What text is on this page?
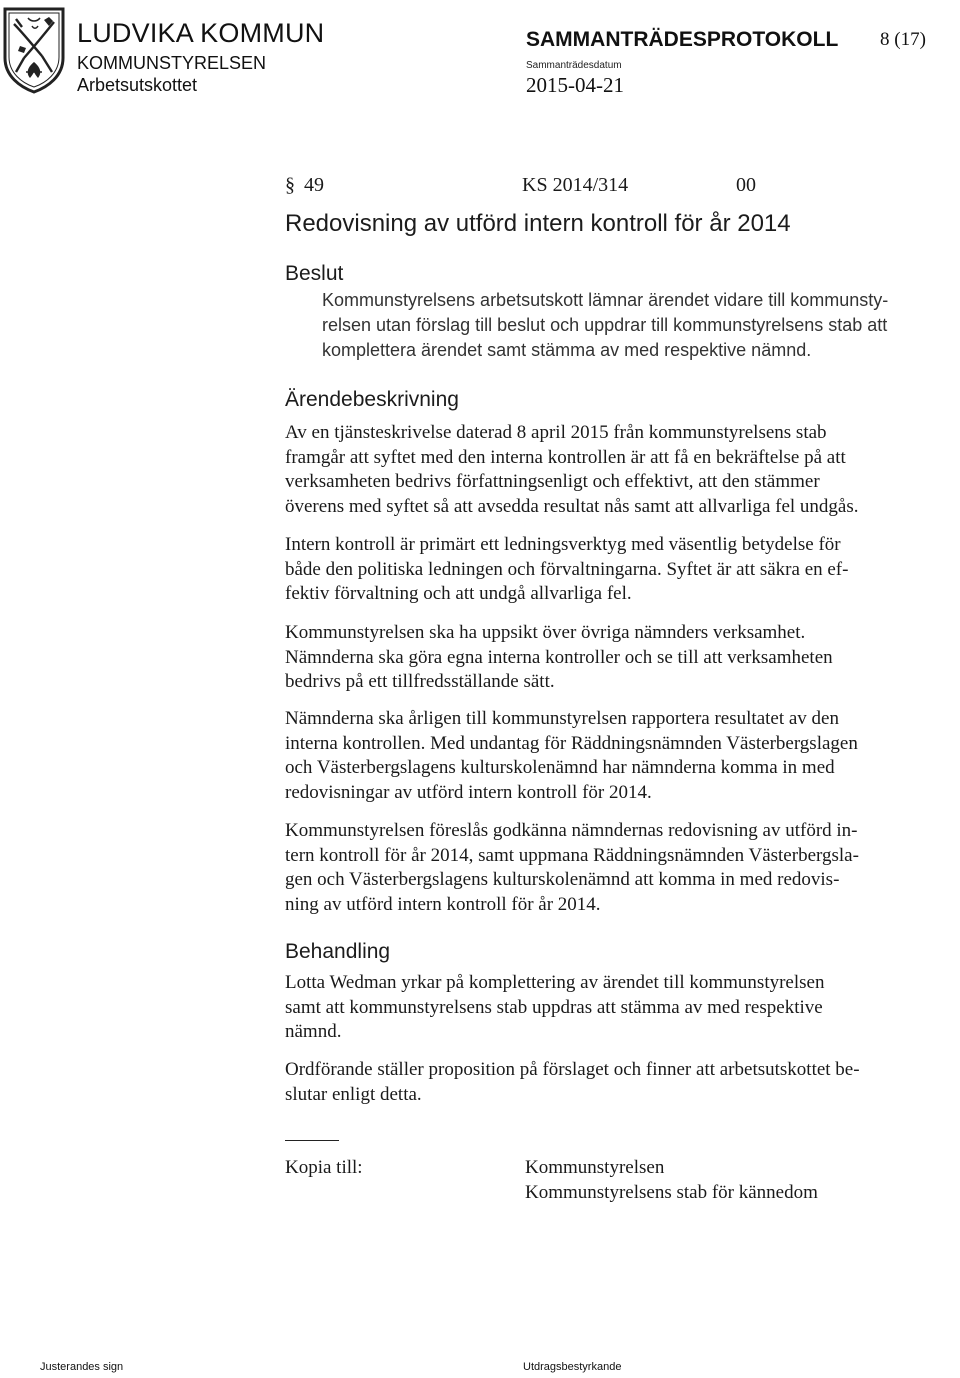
LUDVIKA KOMMUN
KOMMUNSTYRELSEN
Arbetsutskottet
SAMMANTRÄDESPROTOKOLL 8 (17)
Sammanträdesdatum
2015-04-21
§ 49	KS 2014/314	00
Redovisning av utförd intern kontroll för år 2014
Beslut
Kommunstyrelsens arbetsutskott lämnar ärendet vidare till kommunsty-
relsen utan förslag till beslut och uppdrar till kommunstyrelsens stab att
komplettera ärendet samt stämma av med respektive nämnd.
Ärendebeskrivning
Av en tjänsteskrivelse daterad 8 april 2015 från kommunstyrelsens stab
framgår att syftet med den interna kontrollen är att få en bekräftelse på att
verksamheten bedrivs författningsenligt och effektivt, att den stämmer
överens med syftet så att avsedda resultat nås samt att allvarliga fel undgås.
Intern kontroll är primärt ett ledningsverktyg med väsentlig betydelse för
både den politiska ledningen och förvaltningarna. Syftet är att säkra en ef-
fektiv förvaltning och att undgå allvarliga fel.
Kommunstyrelsen ska ha uppsikt över övriga nämnders verksamhet.
Nämnderna ska göra egna interna kontroller och se till att verksamheten
bedrivs på ett tillfredsställande sätt.
Nämnderna ska årligen till kommunstyrelsen rapportera resultatet av den
interna kontrollen. Med undantag för Räddningsnämnden Västerbergslagen
och Västerbergslagens kulturskolenämnd har nämnderna komma in med
redovisningar av utförd intern kontroll för 2014.
Kommunstyrelsen föreslås godkänna nämndernas redovisning av utförd in-
tern kontroll för år 2014, samt uppmana Räddningsnämnden Västerbergsla-
gen och Västerbergslagens kulturskolenämnd att komma in med redovis-
ning av utförd intern kontroll för år 2014.
Behandling
Lotta Wedman yrkar på komplettering av ärendet till kommunstyrelsen
samt att kommunstyrelsens stab uppdras att stämma av med respektive
nämnd.
Ordförande ställer proposition på förslaget och finner att arbetsutskottet be-
slutar enligt detta.
Kopia till:	Kommunstyrelsen
Kommunstyrelsens stab för kännedom
Justerandes sign	Utdragsbestyrkande
